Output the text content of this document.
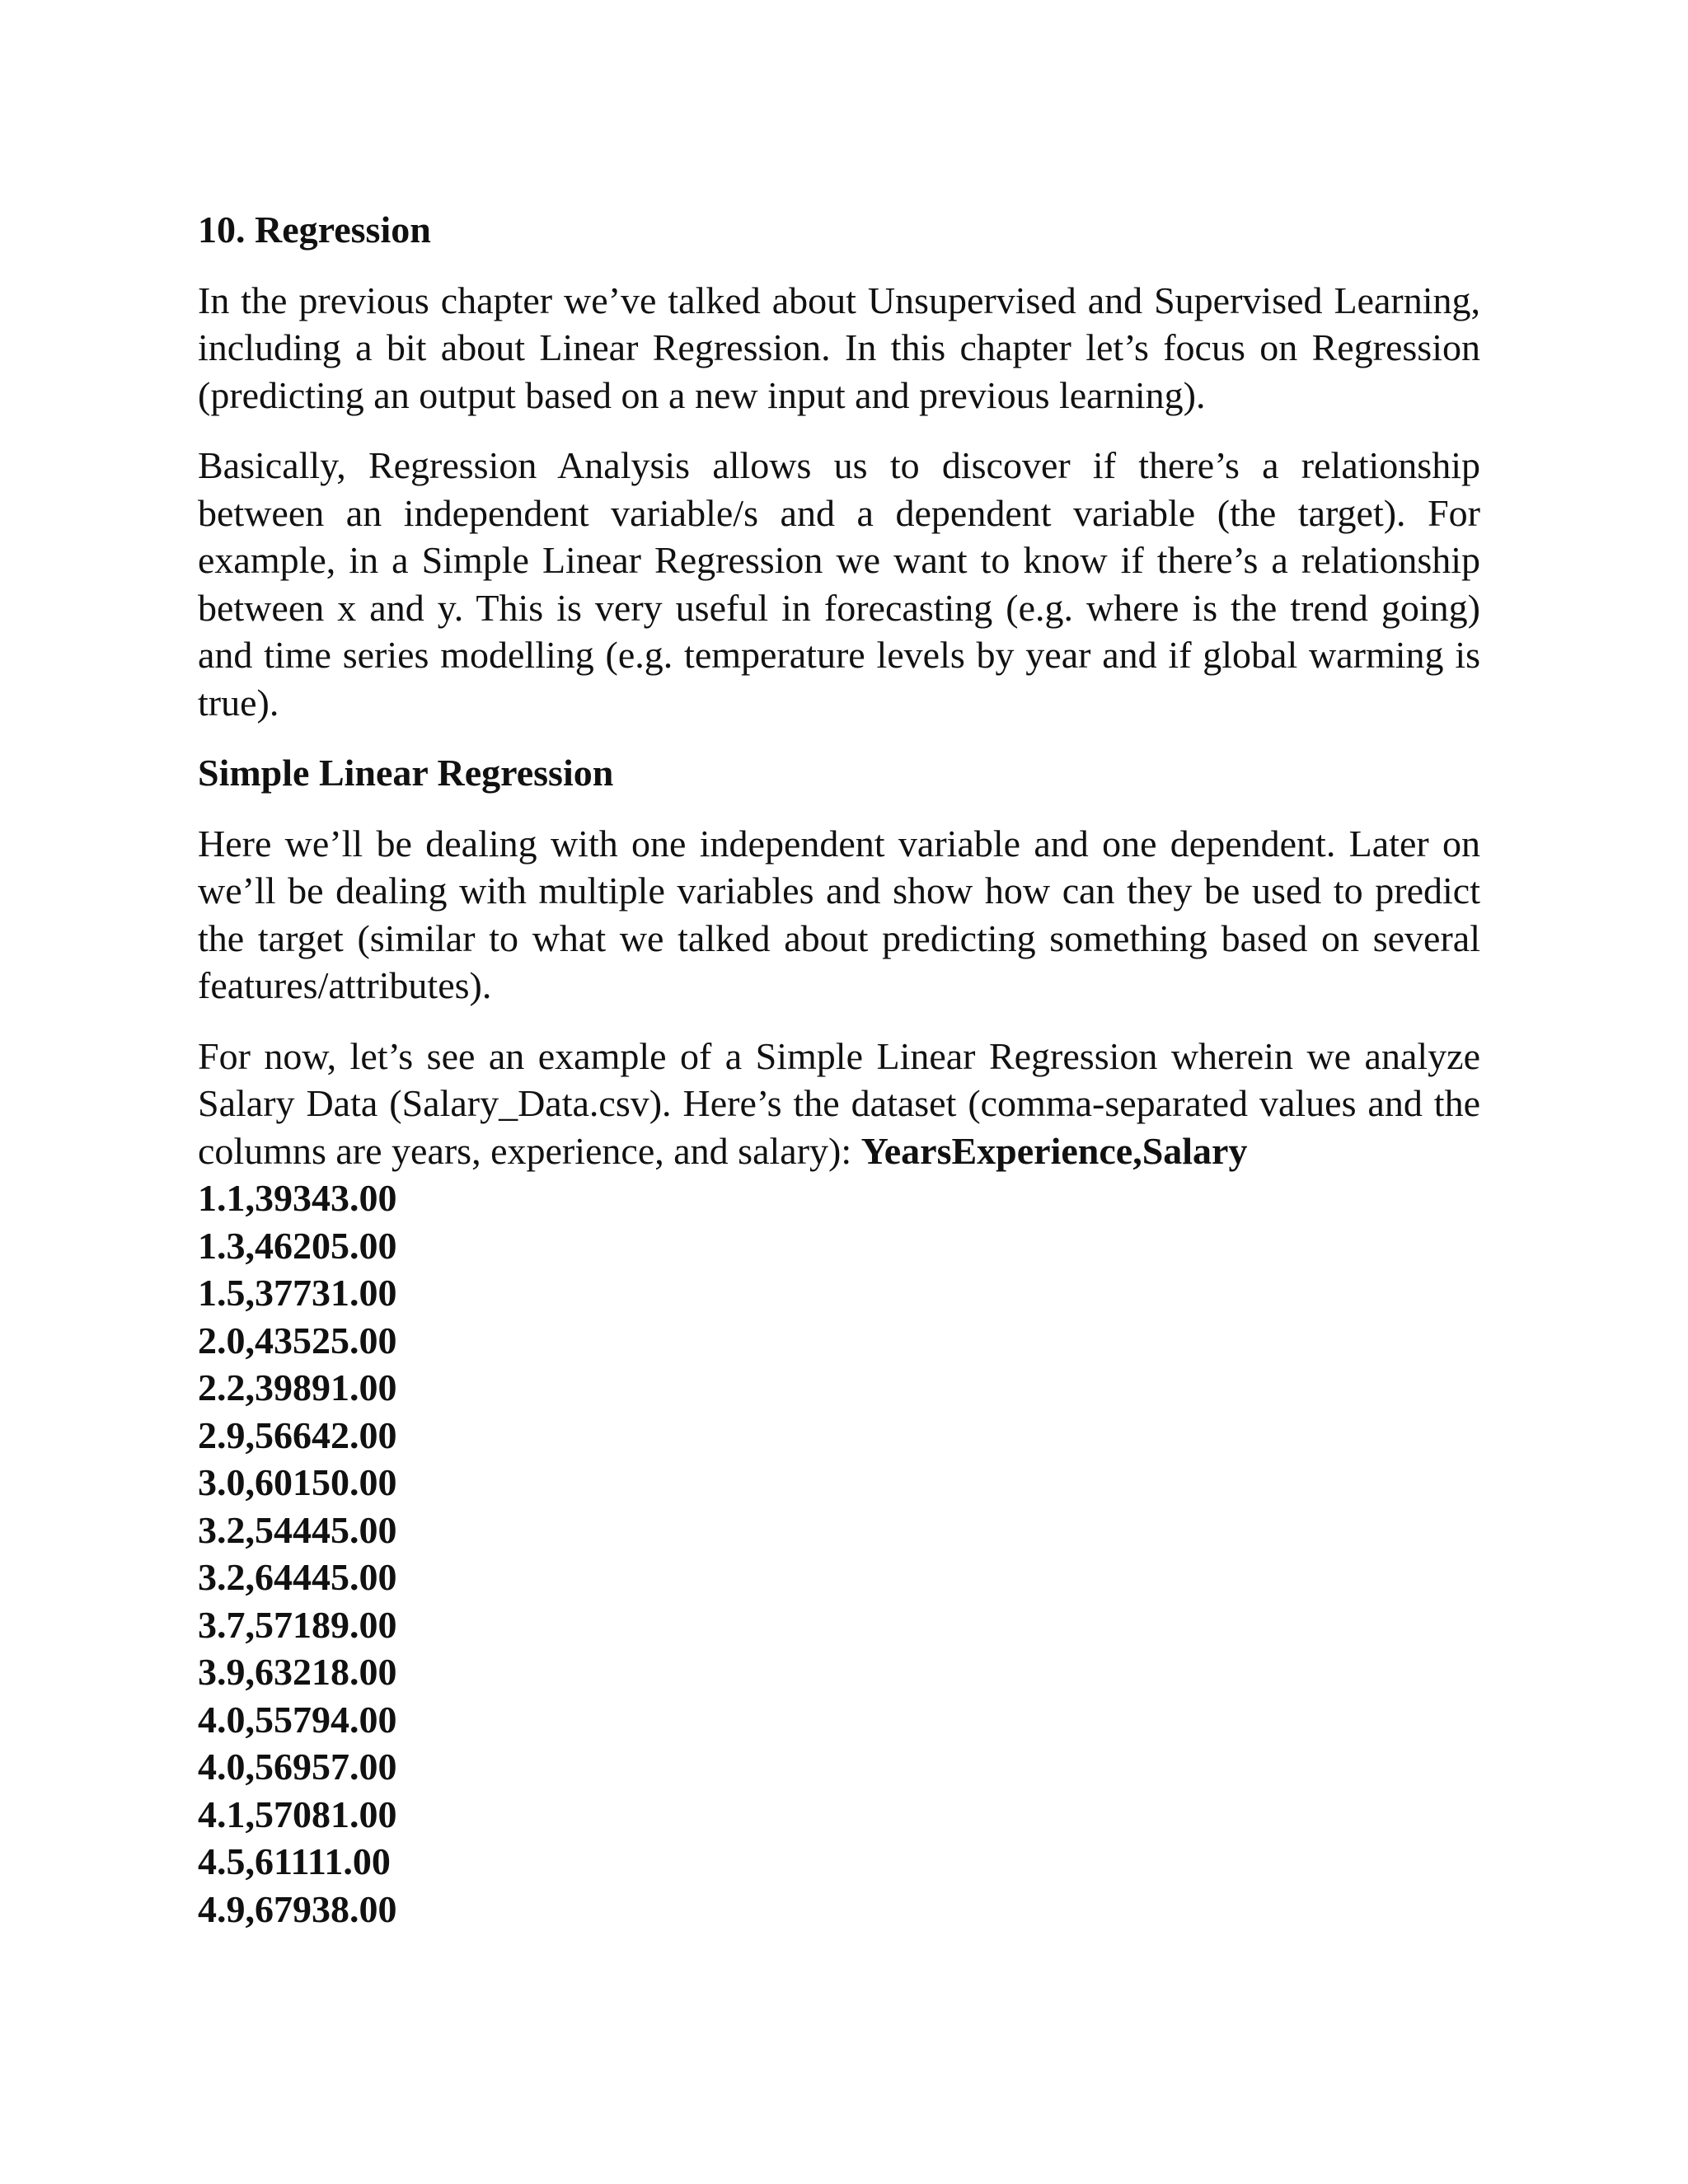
10. Regression

In the previous chapter we’ve talked about Unsupervised and Supervised Learning, including a bit about Linear Regression. In this chapter let’s focus on Regression (predicting an output based on a new input and previous learning).

Basically, Regression Analysis allows us to discover if there’s a relationship between an independent variable/s and a dependent variable (the target). For example, in a Simple Linear Regression we want to know if there’s a relationship between x and y. This is very useful in forecasting (e.g. where is the trend going) and time series modelling (e.g. temperature levels by year and if global warming is true).

Simple Linear Regression

Here we’ll be dealing with one independent variable and one dependent. Later on we’ll be dealing with multiple variables and show how can they be used to predict the target (similar to what we talked about predicting something based on several features/attributes).

For now, let’s see an example of a Simple Linear Regression wherein we analyze Salary Data (Salary_Data.csv). Here’s the dataset (comma-separated values and the columns are years, experience, and salary): YearsExperience,Salary

1.1,39343.00
1.3,46205.00
1.5,37731.00
2.0,43525.00
2.2,39891.00
2.9,56642.00
3.0,60150.00
3.2,54445.00
3.2,64445.00
3.7,57189.00
3.9,63218.00
4.0,55794.00
4.0,56957.00
4.1,57081.00
4.5,61111.00
4.9,67938.00
